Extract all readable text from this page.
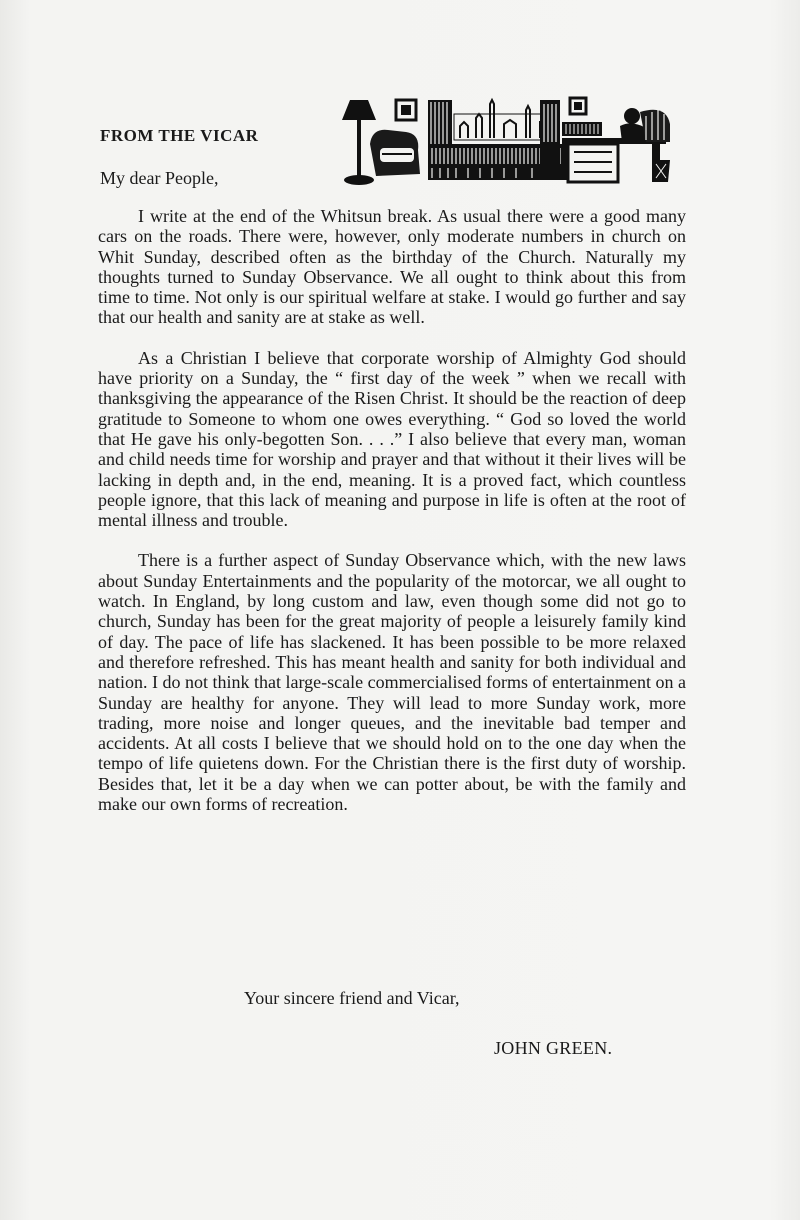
FROM THE VICAR
My dear People,

I write at the end of the Whitsun break. As usual there were a good many cars on the roads. There were, however, only moderate numbers in church on Whit Sunday, described often as the birthday of the Church. Naturally my thoughts turned to Sunday Observance. We all ought to think about this from time to time. Not only is our spiritual welfare at stake. I would go further and say that our health and sanity are at stake as well.

As a Christian I believe that corporate worship of Almighty God should have priority on a Sunday, the “ first day of the week ” when we recall with thanksgiving the appearance of the Risen Christ. It should be the reaction of deep gratitude to Someone to whom one owes everything. “ God so loved the world that He gave his only-begotten Son. . . .” I also believe that every man, woman and child needs time for worship and prayer and that without it their lives will be lacking in depth and, in the end, meaning. It is a proved fact, which countless people ignore, that this lack of meaning and purpose in life is often at the root of mental illness and trouble.

There is a further aspect of Sunday Observance which, with the new laws about Sunday Entertainments and the popularity of the motorcar, we all ought to watch. In England, by long custom and law, even though some did not go to church, Sunday has been for the great majority of people a leisurely family kind of day. The pace of life has slackened. It has been possible to be more relaxed and therefore refreshed. This has meant health and sanity for both individual and nation. I do not think that large-scale commercialised forms of entertainment on a Sunday are healthy for anyone. They will lead to more Sunday work, more trading, more noise and longer queues, and the inevitable bad temper and accidents. At all costs I believe that we should hold on to the one day when the tempo of life quietens down. For the Christian there is the first duty of worship. Besides that, let it be a day when we can potter about, be with the family and make our own forms of recreation.

Your sincere friend and Vicar,
JOHN GREEN.
